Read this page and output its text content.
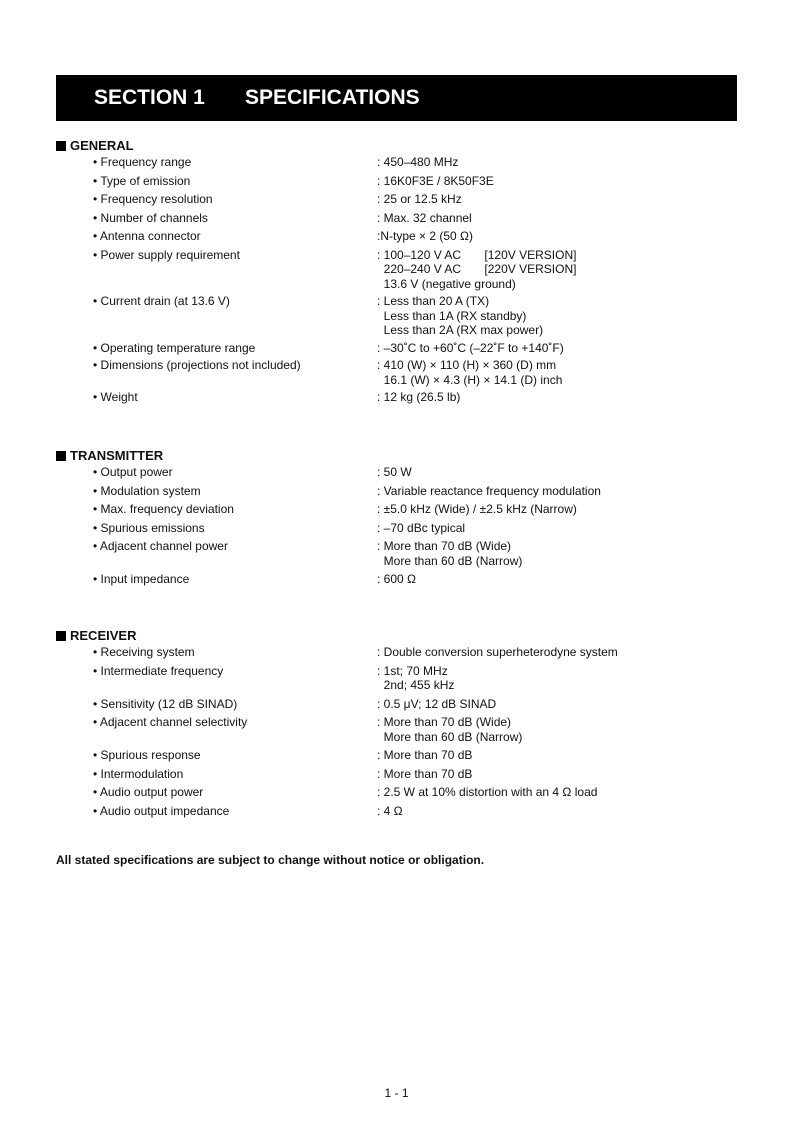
SECTION 1 SPECIFICATIONS
GENERAL
• Frequency range	: 450–480 MHz
• Type of emission	: 16K0F3E / 8K50F3E
• Frequency resolution	: 25 or 12.5 kHz
• Number of channels	: Max. 32 channel
• Antenna connector	:N-type × 2 (50 Ω)
• Power supply requirement	: 100–120 V AC       [120V VERSION]
220–240 V AC       [220V VERSION]
13.6 V (negative ground)
• Current drain (at 13.6 V)	: Less than 20 A (TX)
Less than 1A (RX standby)
Less than 2A (RX max power)
• Operating temperature range	: –30˚C to +60˚C (–22˚F to +140˚F)
• Dimensions (projections not included)	: 410 (W) × 110 (H) × 360 (D) mm
16.1 (W) × 4.3 (H) × 14.1 (D) inch
• Weight	: 12 kg (26.5 lb)
TRANSMITTER
• Output power	: 50 W
• Modulation system	: Variable reactance frequency modulation
• Max. frequency deviation	: ±5.0 kHz (Wide) / ±2.5 kHz (Narrow)
• Spurious emissions	: –70 dBc typical
• Adjacent channel power	: More than 70 dB (Wide)
More than 60 dB (Narrow)
• Input impedance	: 600 Ω
RECEIVER
• Receiving system	: Double conversion superheterodyne system
• Intermediate frequency	: 1st; 70 MHz
2nd; 455 kHz
• Sensitivity (12 dB SINAD)	: 0.5 μV; 12 dB SINAD
• Adjacent channel selectivity	: More than 70 dB (Wide)
More than 60 dB (Narrow)
• Spurious response	: More than 70 dB
• Intermodulation	: More than 70 dB
• Audio output power	: 2.5 W at 10% distortion with an 4 Ω load
• Audio output impedance	: 4 Ω
All stated specifications are subject to change without notice or obligation.
1 - 1
